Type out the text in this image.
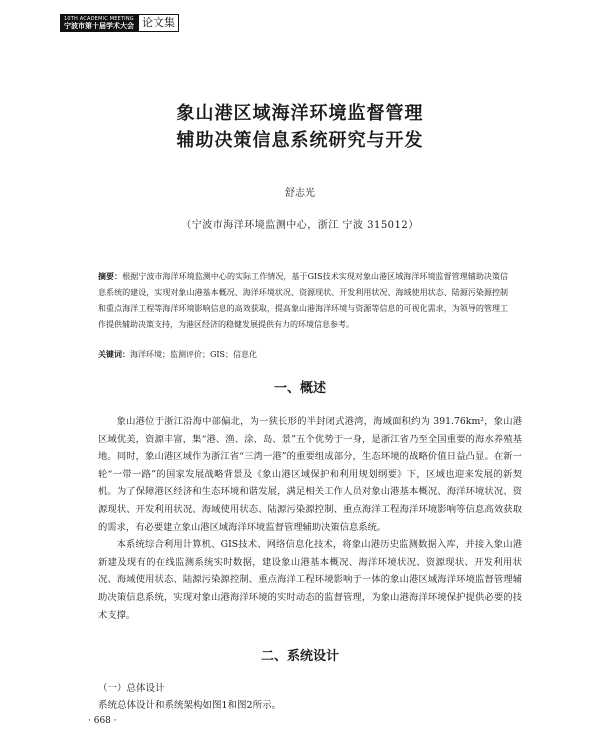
10TH ACADEMIC MEETING
宁波市第十届学术大会 论文集
象山港区域海洋环境监督管理
辅助决策信息系统研究与开发
舒志光
（宁波市海洋环境监测中心，浙江 宁波 315012）
摘要：根据宁波市海洋环境监测中心的实际工作情况，基于GIS技术实现对象山港区域海洋环境监督管理辅助决策信息系统的建设，实现对象山港基本概况、海洋环境状况、资源现状、开发利用状况、海域使用状态、陆源污染源控制和重点海洋工程等海洋环境影响信息的高效获取，提高象山港海洋环境与资源等信息的可视化需求，为领导的管理工作提供辅助决策支持，为港区经济的稳健发展提供有力的环境信息参考。
关键词：海洋环境；监测评价；GIS；信息化
一、概述

象山港位于浙江沿海中部偏北，为一狭长形的半封闭式港湾，海域面积约为 391.76km²，象山港区域优美，资源丰富，集“港、渔、涂、岛、景”五个优势于一身，是浙江省乃至全国重要的海水养殖基地。同时，象山港区域作为浙江省“三湾一港”的重要组成部分，生态环境的战略价值日益凸显。在新一轮“一带一路”的国家发展战略背景及《象山港区域保护和利用规划纲要》下，区域也迎来发展的新契机。为了保障港区经济和生态环境和谐发展，满足相关工作人员对象山港基本概况、海洋环境状况、资源现状、开发利用状况、海域使用状态、陆源污染源控制、重点海洋工程海洋环境影响等信息高效获取的需求，有必要建立象山港区域海洋环境监督管理辅助决策信息系统。

本系统综合利用计算机、GIS技术、网络信息化技术，将象山港历史监测数据入库，并接入象山港新建及现有的在线监测系统实时数据，建设象山港基本概况、海洋环境状况、资源现状、开发利用状况、海域使用状态、陆源污染源控制、重点海洋工程环境影响于一体的象山港区域海洋环境监督管理辅助决策信息系统，实现对象山港海洋环境的实时动态的监督管理，为象山港海洋环境保护提供必要的技术支撑。

二、系统设计
（一）总体设计
系统总体设计和系统架构如图1和图2所示。
· 668 ·
